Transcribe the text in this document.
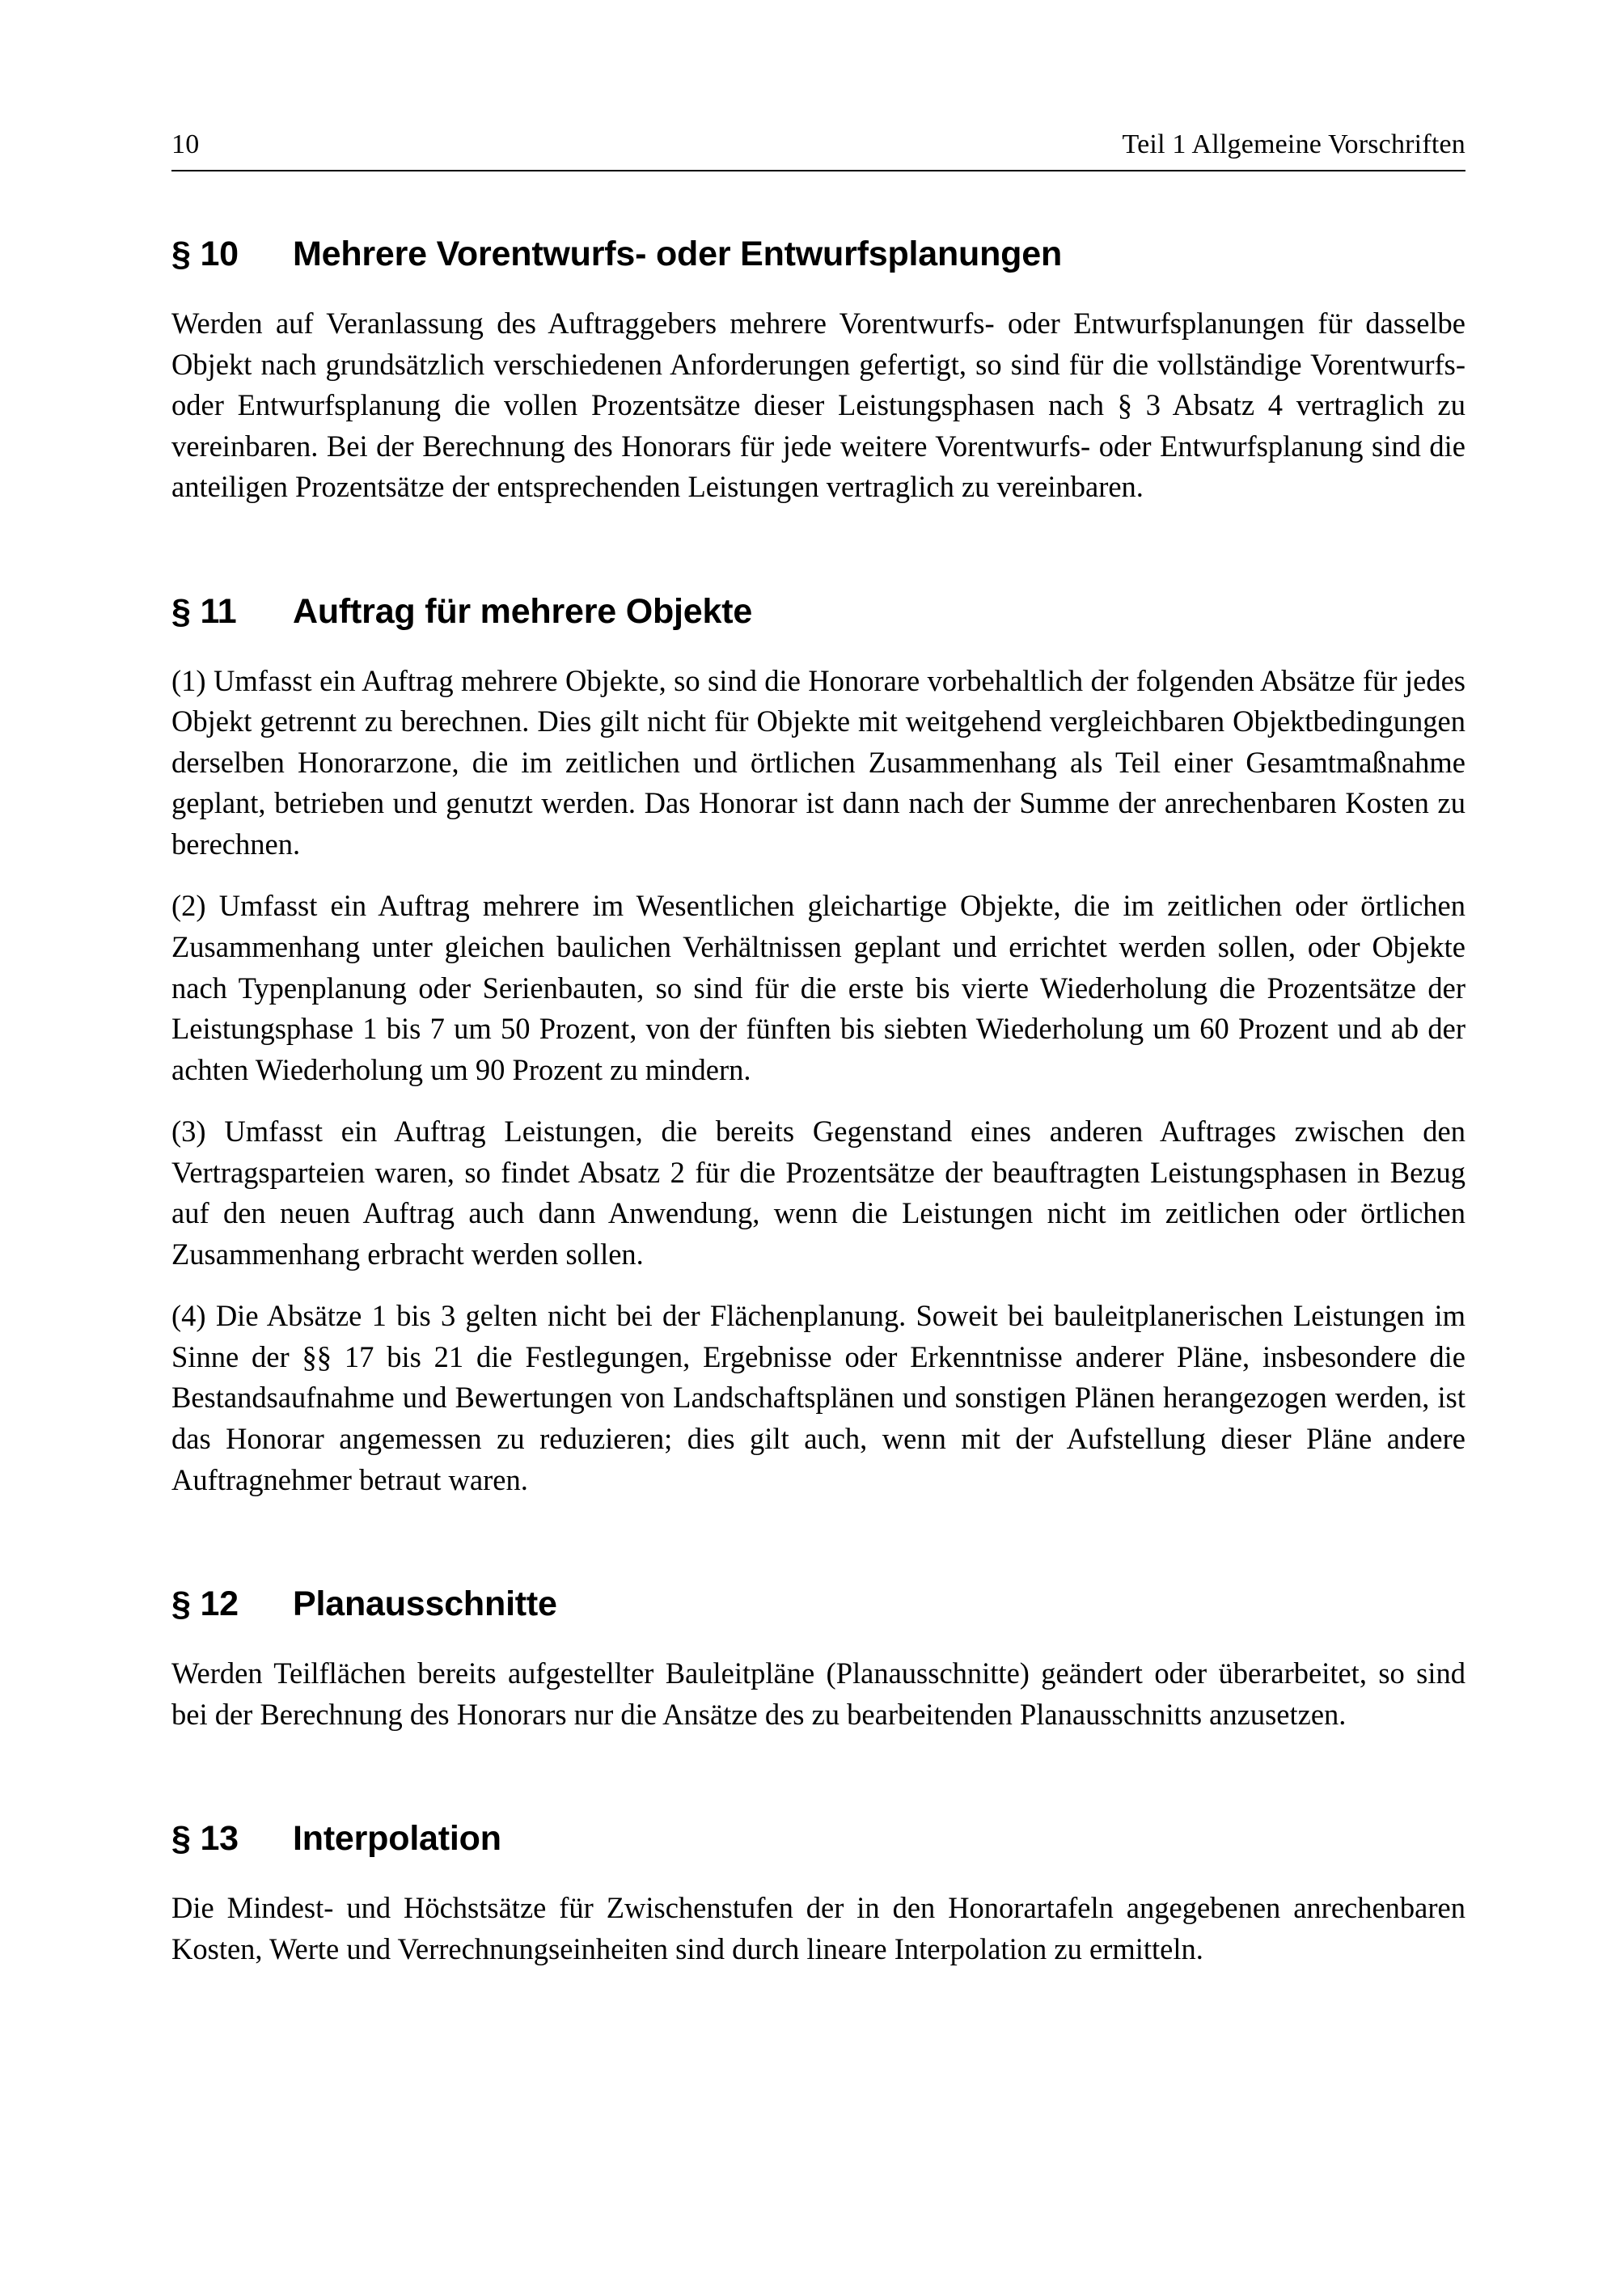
10	Teil 1 Allgemeine Vorschriften
§ 10 Mehrere Vorentwurfs- oder Entwurfsplanungen

Werden auf Veranlassung des Auftraggebers mehrere Vorentwurfs- oder Entwurfsplanungen für dasselbe Objekt nach grundsätzlich verschiedenen Anforderungen gefertigt, so sind für die vollständige Vorentwurfs- oder Entwurfsplanung die vollen Prozentsätze dieser Leistungsphasen nach § 3 Absatz 4 vertraglich zu vereinbaren. Bei der Berechnung des Honorars für jede weitere Vorentwurfs- oder Entwurfsplanung sind die anteiligen Prozentsätze der entsprechenden Leistungen vertraglich zu vereinbaren.

§ 11 Auftrag für mehrere Objekte

(1) Umfasst ein Auftrag mehrere Objekte, so sind die Honorare vorbehaltlich der folgenden Absätze für jedes Objekt getrennt zu berechnen. Dies gilt nicht für Objekte mit weitgehend vergleichbaren Objektbedingungen derselben Honorarzone, die im zeitlichen und örtlichen Zusammenhang als Teil einer Gesamtmaßnahme geplant, betrieben und genutzt werden. Das Honorar ist dann nach der Summe der anrechenbaren Kosten zu berechnen.

(2) Umfasst ein Auftrag mehrere im Wesentlichen gleichartige Objekte, die im zeitlichen oder örtlichen Zusammenhang unter gleichen baulichen Verhältnissen geplant und errichtet werden sollen, oder Objekte nach Typenplanung oder Serienbauten, so sind für die erste bis vierte Wiederholung die Prozentsätze der Leistungsphase 1 bis 7 um 50 Prozent, von der fünften bis siebten Wiederholung um 60 Prozent und ab der achten Wiederholung um 90 Prozent zu mindern.

(3) Umfasst ein Auftrag Leistungen, die bereits Gegenstand eines anderen Auftrages zwischen den Vertragsparteien waren, so findet Absatz 2 für die Prozentsätze der beauftragten Leistungsphasen in Bezug auf den neuen Auftrag auch dann Anwendung, wenn die Leistungen nicht im zeitlichen oder örtlichen Zusammenhang erbracht werden sollen.

(4) Die Absätze 1 bis 3 gelten nicht bei der Flächenplanung. Soweit bei bauleitplanerischen Leistungen im Sinne der §§ 17 bis 21 die Festlegungen, Ergebnisse oder Erkenntnisse anderer Pläne, insbesondere die Bestandsaufnahme und Bewertungen von Landschaftsplänen und sonstigen Plänen herangezogen werden, ist das Honorar angemessen zu reduzieren; dies gilt auch, wenn mit der Aufstellung dieser Pläne andere Auftragnehmer betraut waren.

§ 12 Planausschnitte

Werden Teilflächen bereits aufgestellter Bauleitpläne (Planausschnitte) geändert oder überarbeitet, so sind bei der Berechnung des Honorars nur die Ansätze des zu bearbeitenden Planausschnitts anzusetzen.

§ 13 Interpolation

Die Mindest- und Höchstsätze für Zwischenstufen der in den Honorartafeln angegebenen anrechenbaren Kosten, Werte und Verrechnungseinheiten sind durch lineare Interpolation zu ermitteln.
